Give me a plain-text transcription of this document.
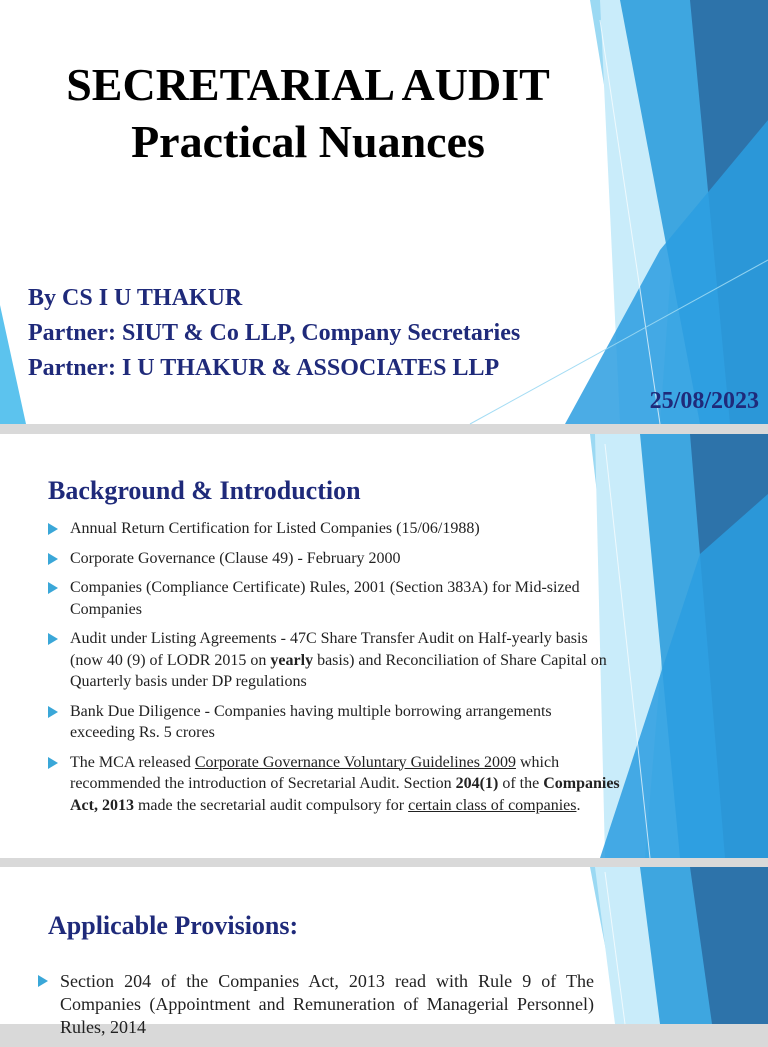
SECRETARIAL AUDIT
Practical Nuances
By CS I U THAKUR
Partner: SIUT & Co LLP, Company Secretaries
Partner: I U THAKUR & ASSOCIATES LLP
25/08/2023
Background & Introduction
Annual Return Certification for Listed Companies (15/06/1988)
Corporate Governance (Clause 49) - February 2000
Companies (Compliance Certificate) Rules, 2001 (Section 383A) for Mid-sized Companies
Audit under Listing Agreements - 47C Share Transfer Audit on Half-yearly basis (now 40 (9) of LODR 2015 on yearly basis) and Reconciliation of Share Capital on Quarterly basis under DP regulations
Bank Due Diligence - Companies having multiple borrowing arrangements exceeding Rs. 5 crores
The MCA released Corporate Governance Voluntary Guidelines 2009 which recommended the introduction of Secretarial Audit. Section 204(1) of the Companies Act, 2013 made the secretarial audit compulsory for certain class of companies.
Applicable Provisions:
Section 204 of the Companies Act, 2013 read with Rule 9 of The Companies (Appointment and Remuneration of Managerial Personnel) Rules, 2014
